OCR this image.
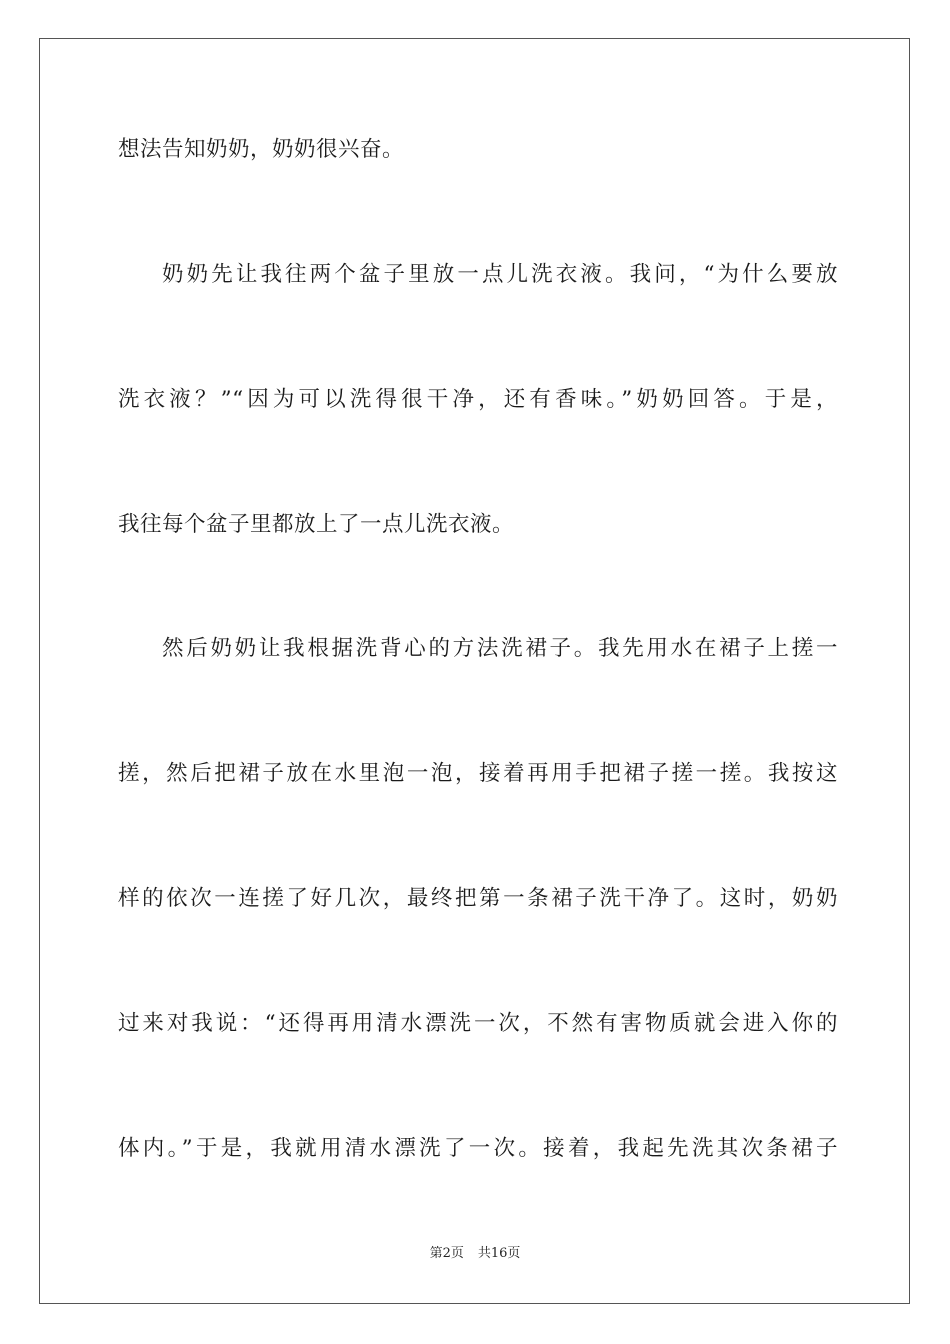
想法告知奶奶，奶奶很兴奋。
奶奶先让我往两个盆子里放一点儿洗衣液。我问，“为什么要放
洗衣液？”“因为可以洗得很干净，还有香味。”奶奶回答。于是，
我往每个盆子里都放上了一点儿洗衣液。
然后奶奶让我根据洗背心的方法洗裙子。我先用水在裙子上搓一
搓，然后把裙子放在水里泡一泡，接着再用手把裙子搓一搓。我按这
样的依次一连搓了好几次，最终把第一条裙子洗干净了。这时，奶奶
过来对我说：“还得再用清水漂洗一次，不然有害物质就会进入你的
体内。”于是，我就用清水漂洗了一次。接着，我起先洗其次条裙子
第2页 共16页
